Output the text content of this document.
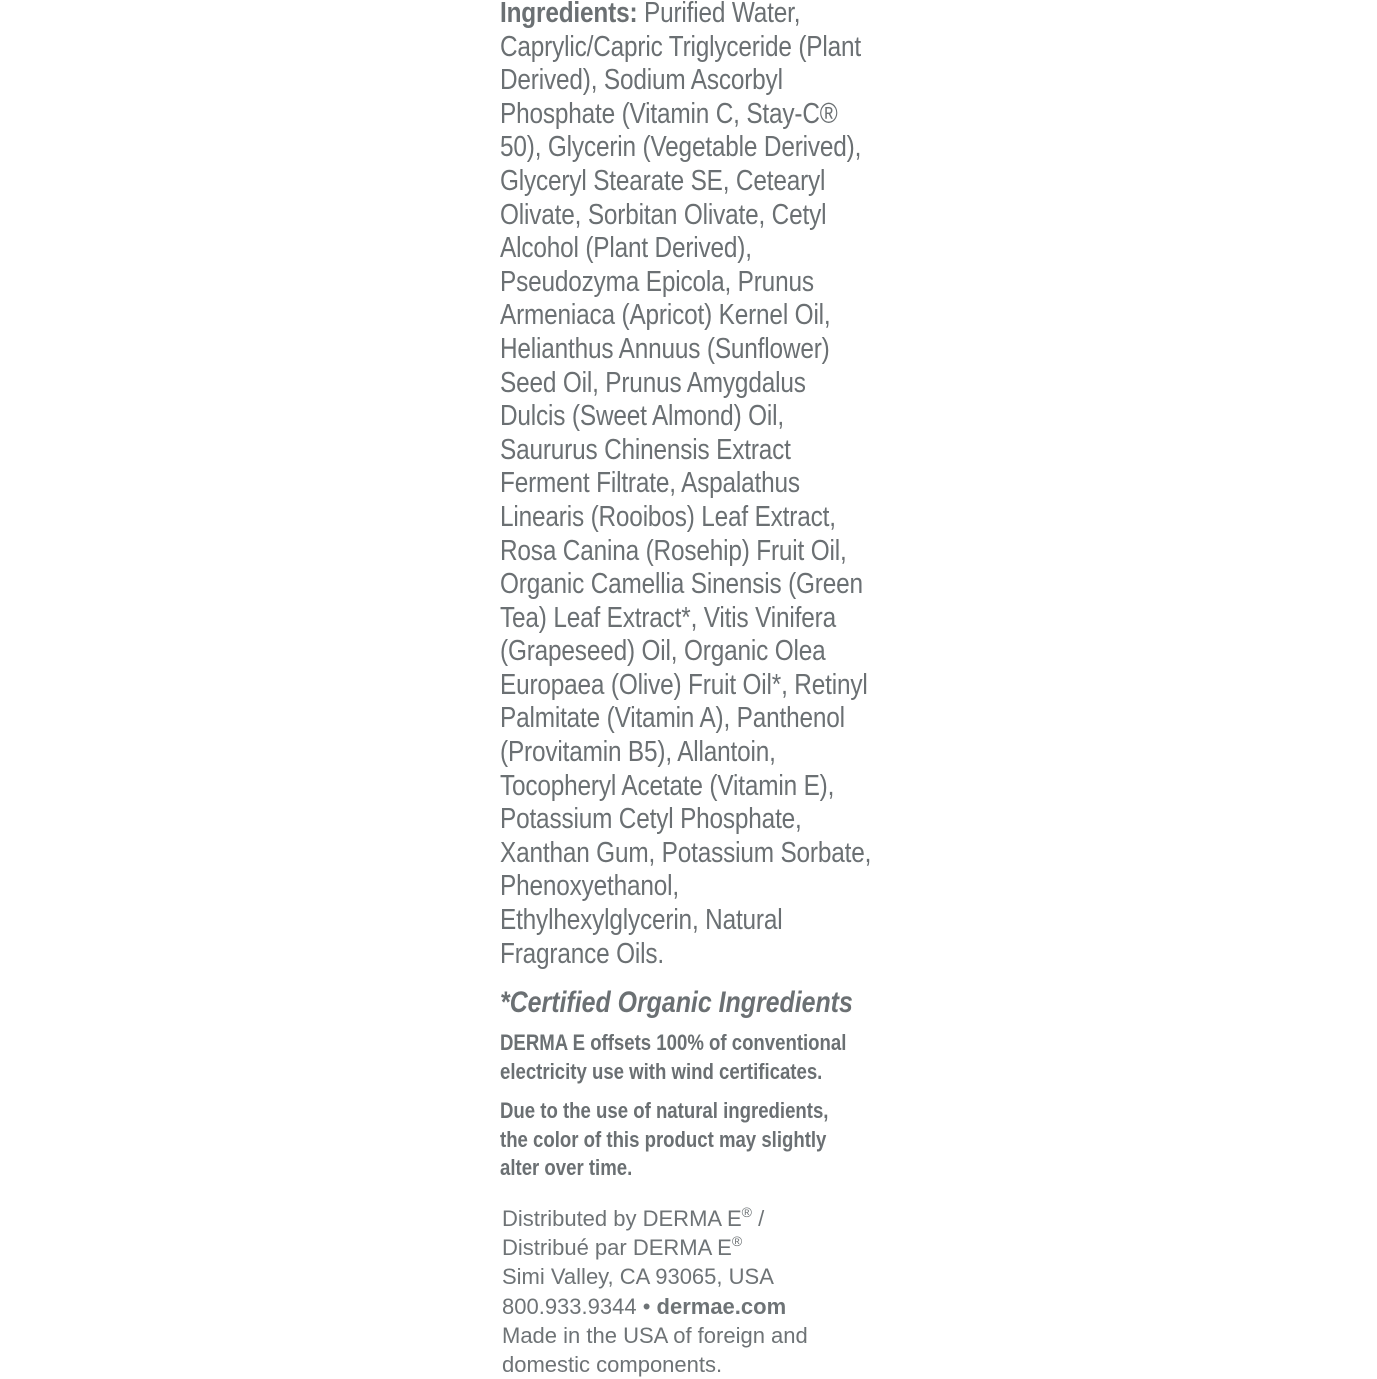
Ingredients: Purified Water,
Caprylic/Capric Triglyceride (Plant
Derived), Sodium Ascorbyl
Phosphate (Vitamin C, Stay-C®
50), Glycerin (Vegetable Derived),
Glyceryl Stearate SE, Cetearyl
Olivate, Sorbitan Olivate, Cetyl
Alcohol (Plant Derived),
Pseudozyma Epicola, Prunus
Armeniaca (Apricot) Kernel Oil,
Helianthus Annuus (Sunflower)
Seed Oil, Prunus Amygdalus
Dulcis (Sweet Almond) Oil,
Saururus Chinensis Extract
Ferment Filtrate, Aspalathus
Linearis (Rooibos) Leaf Extract,
Rosa Canina (Rosehip) Fruit Oil,
Organic Camellia Sinensis (Green
Tea) Leaf Extract*, Vitis Vinifera
(Grapeseed) Oil, Organic Olea
Europaea (Olive) Fruit Oil*, Retinyl
Palmitate (Vitamin A), Panthenol
(Provitamin B5), Allantoin,
Tocopheryl Acetate (Vitamin E),
Potassium Cetyl Phosphate,
Xanthan Gum, Potassium Sorbate,
Phenoxyethanol,
Ethylhexylglycerin, Natural
Fragrance Oils.
*Certified Organic Ingredients
DERMA E offsets 100% of conventional
electricity use with wind certificates.
Due to the use of natural ingredients,
the color of this product may slightly
alter over time.
Distributed by DERMA E® /
Distribué par DERMA E®
Simi Valley, CA 93065, USA
800.933.9344 • dermae.com
Made in the USA of foreign and
domestic components.
